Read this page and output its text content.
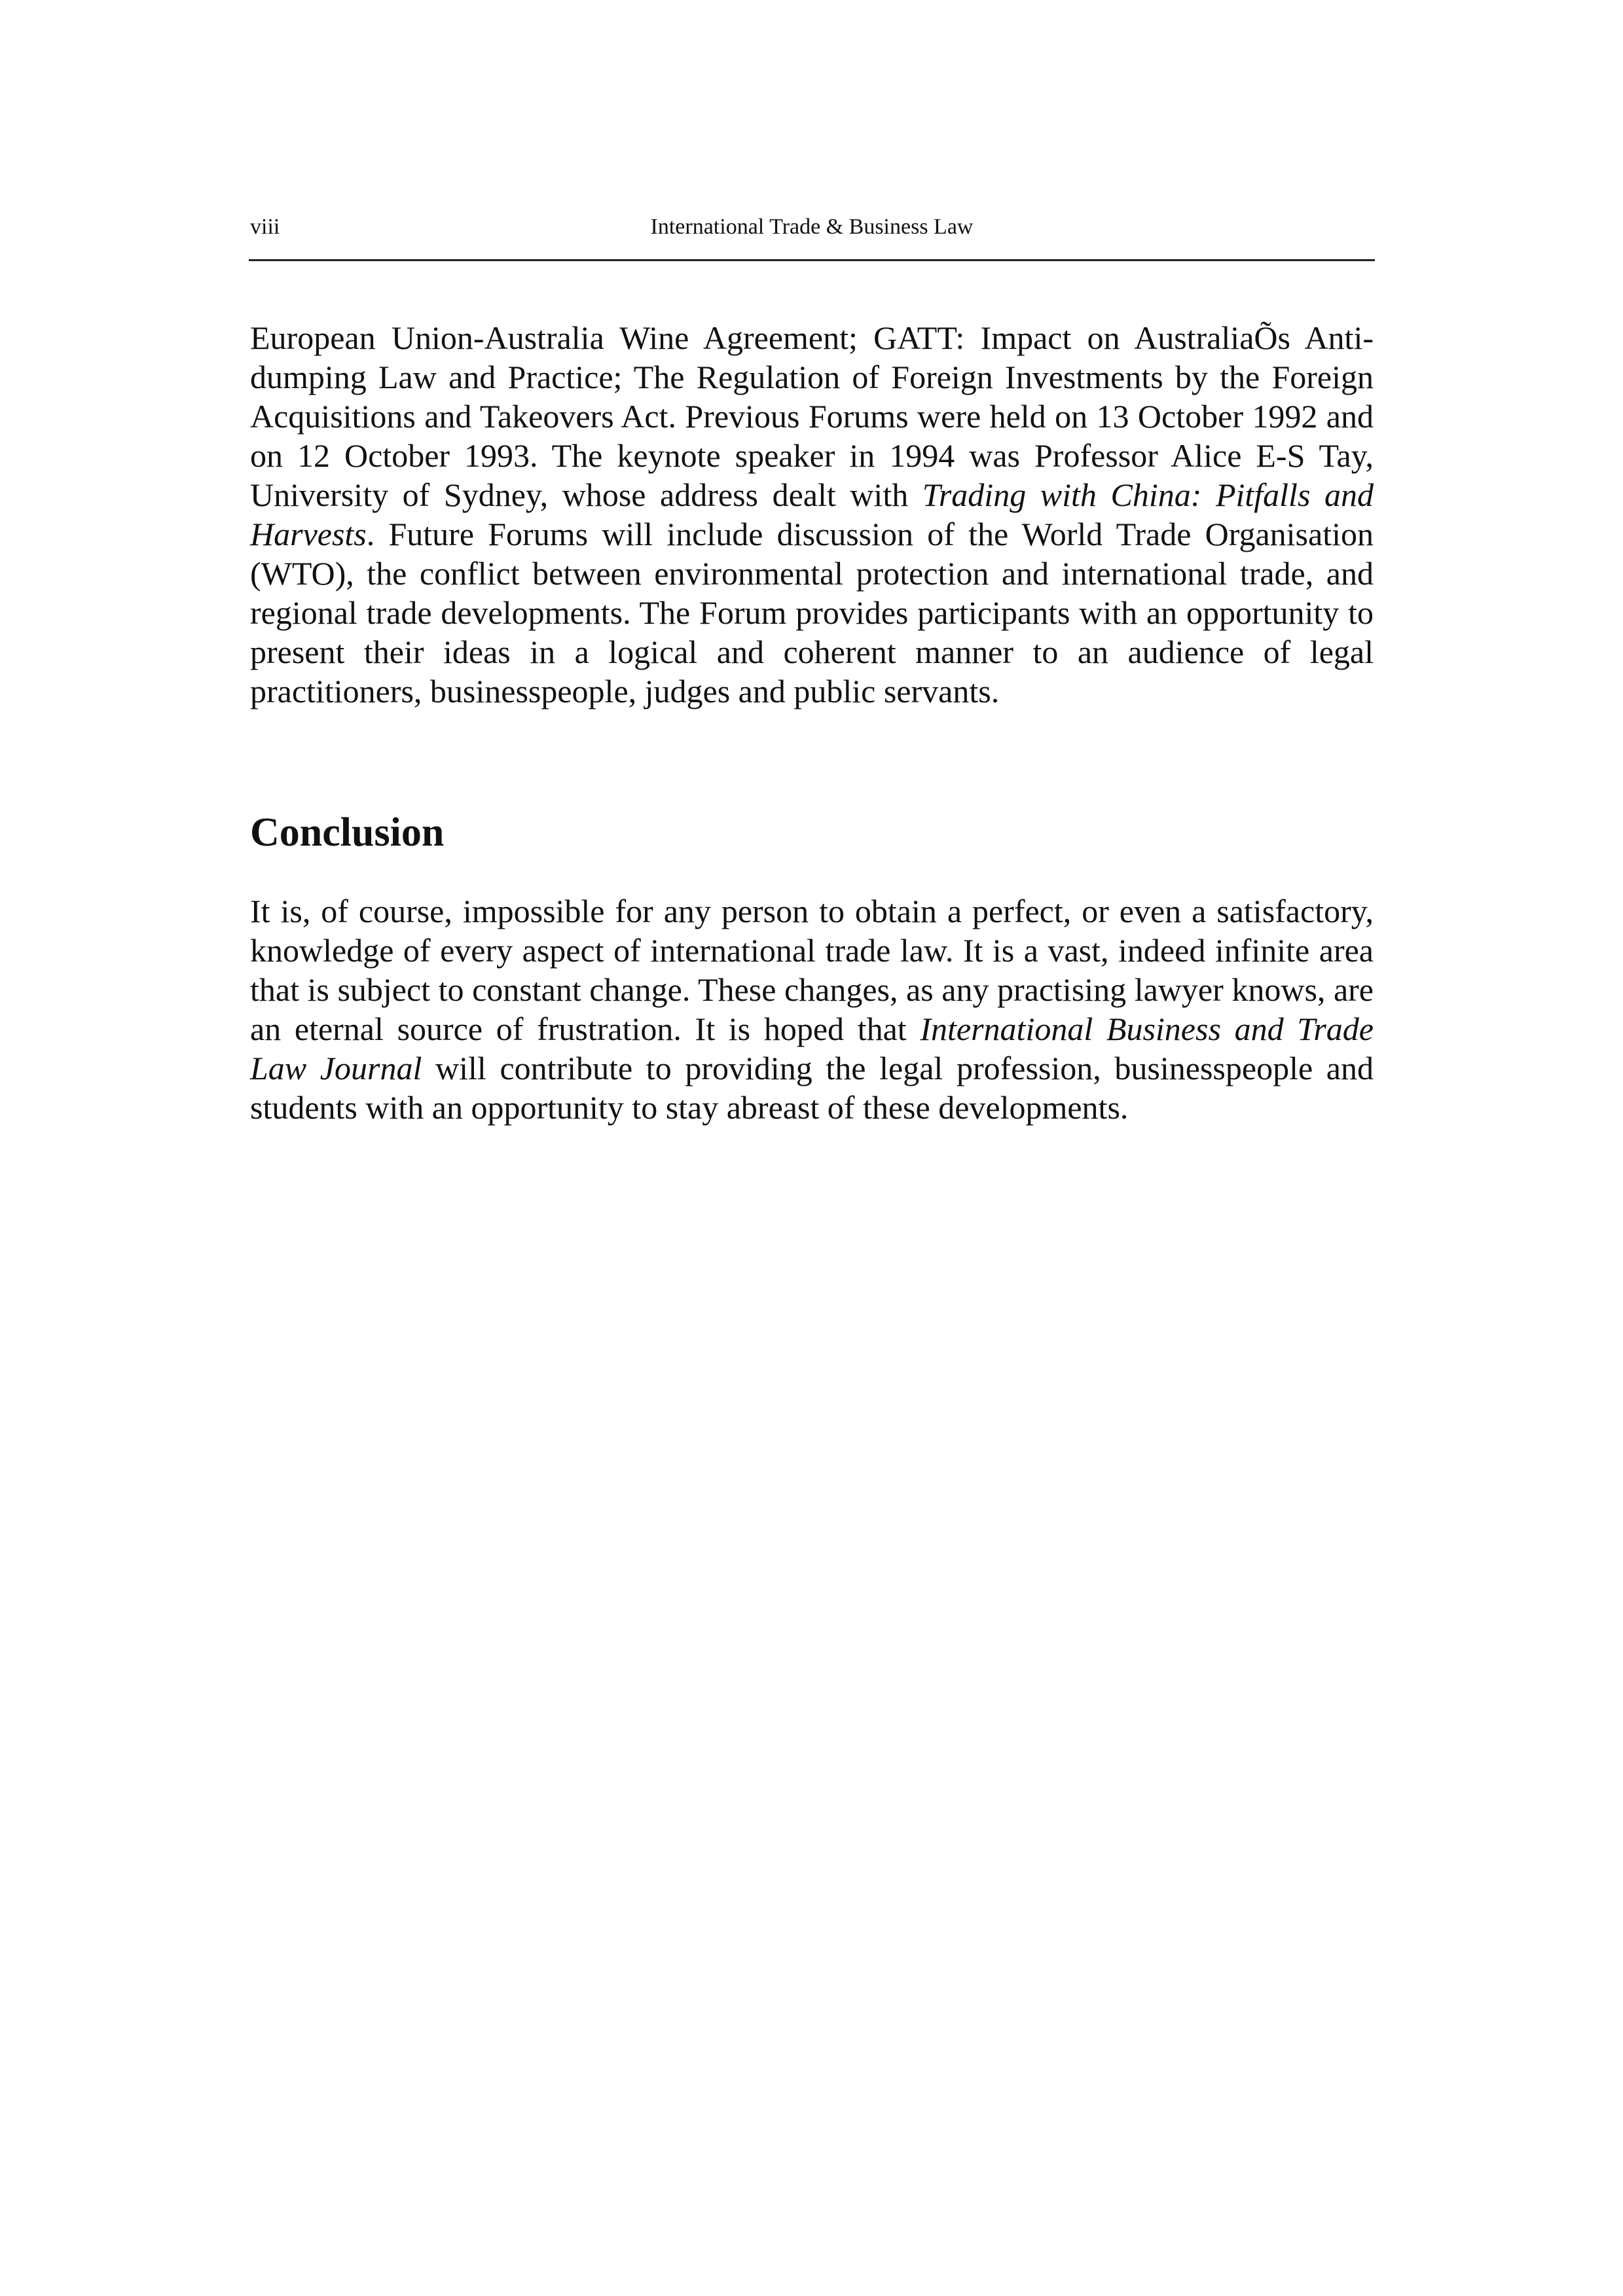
viii	International Trade & Business Law

European Union-Australia Wine Agreement; GATT: Impact on AustraliaÕs Anti-dumping Law and Practice; The Regulation of Foreign Investments by the Foreign Acquisitions and Takeovers Act. Previous Forums were held on 13 October 1992 and on 12 October 1993. The keynote speaker in 1994 was Professor Alice E-S Tay, University of Sydney, whose address dealt with Trading with China: Pitfalls and Harvests. Future Forums will include discussion of the World Trade Organisation (WTO), the conflict between environmental protection and international trade, and regional trade developments. The Forum provides participants with an opportunity to present their ideas in a logical and coherent manner to an audience of legal practitioners, businesspeople, judges and public servants.

Conclusion

It is, of course, impossible for any person to obtain a perfect, or even a satisfactory, knowledge of every aspect of international trade law. It is a vast, indeed infinite area that is subject to constant change. These changes, as any practising lawyer knows, are an eternal source of frustration. It is hoped that International Business and Trade Law Journal will contribute to providing the legal profession, businesspeople and students with an opportunity to stay abreast of these developments.
